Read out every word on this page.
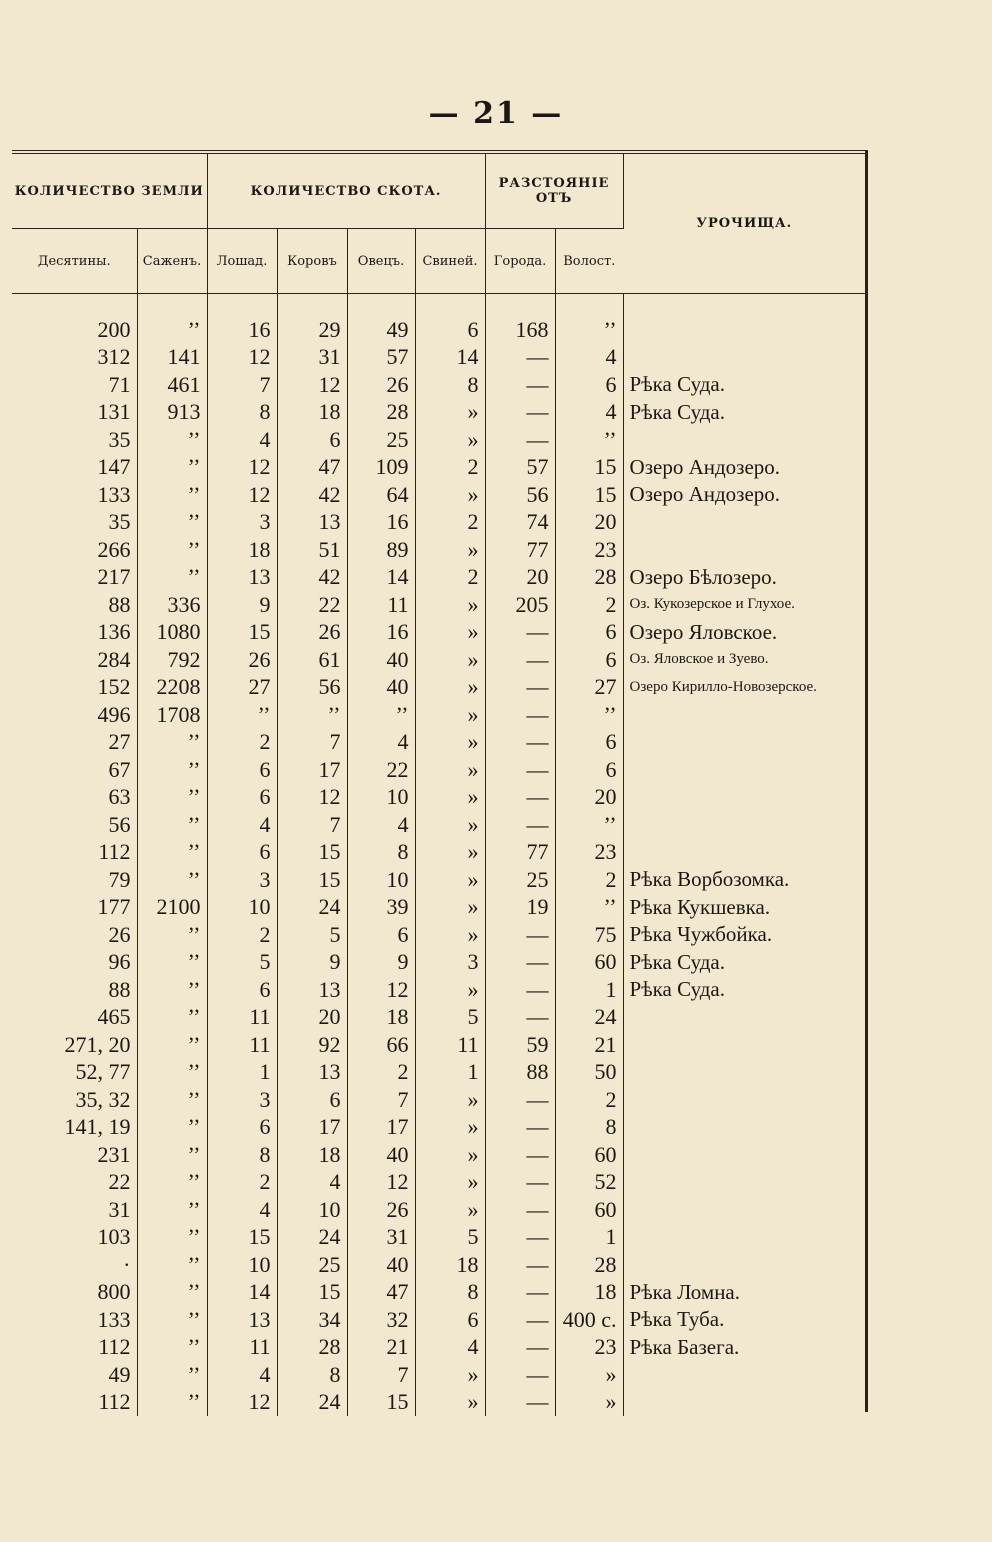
— 21 —
КОЛИЧЕСТВО ЗЕМЛИ		КОЛИЧЕСТВО СКОТА.				РАЗСТОЯНІЕ ОТЪ		УРОЧИЩА.
Десятины.	Саженъ.	Лошад.	Коровъ	Овецъ.	Свиней.	Города.	Волост.	
200	’’	16	29	49	6	168	’’	
312	141	12	31	57	14	—	4	
71	461	7	12	26	8	—	6	Рѣка Суда.
131	913	8	18	28	»	—	4	Рѣка Суда.
35	’’	4	6	25	»	—	’’	
147	’’	12	47	109	2	57	15	Озеро Андозеро.
133	’’	12	42	64	»	56	15	Озеро Андозеро.
35	’’	3	13	16	2	74	20	
266	’’	18	51	89	»	77	23	
217	’’	13	42	14	2	20	28	Озеро Бѣлозеро.
88	336	9	22	11	»	205	2	Оз. Кукозерское и Глухое.
136	1080	15	26	16	»	—	6	Озеро Яловское.
284	792	26	61	40	»	—	6	Оз. Яловское и Зуево.
152	2208	27	56	40	»	—	27	Озеро Кирилло-Новозерское.
496	1708	’’	’’	’’	»	—	’’	
27	’’	2	7	4	»	—	6	
67	’’	6	17	22	»	—	6	
63	’’	6	12	10	»	—	20	
56	’’	4	7	4	»	—	’’	
112	’’	6	15	8	»	77	23	
79	’’	3	15	10	»	25	2	Рѣка Ворбозомка.
177	2100	10	24	39	»	19	’’	Рѣка Кукшевка.
26	’’	2	5	6	»	—	75	Рѣка Чужбойка.
96	’’	5	9	9	3	—	60	Рѣка Суда.
88	’’	6	13	12	»	—	1	Рѣка Суда.
465	’’	11	20	18	5	—	24	
271, 20	’’	11	92	66	11	59	21	
52, 77	’’	1	13	2	1	88	50	
35, 32	’’	3	6	7	»	—	2	
141, 19	’’	6	17	17	»	—	8	
231	’’	8	18	40	»	—	60	
22	’’	2	4	12	»	—	52	
31	’’	4	10	26	»	—	60	
103	’’	15	24	31	5	—	1	
·	’’	10	25	40	18	—	28	
800	’’	14	15	47	8	—	18	Рѣка Ломна.
133	’’	13	34	32	6	—	400 с.	Рѣка Туба.
112	’’	11	28	21	4	—	23	Рѣка Базега.
49	’’	4	8	7	»	—	»	
112	’’	12	24	15	»	—	»	
